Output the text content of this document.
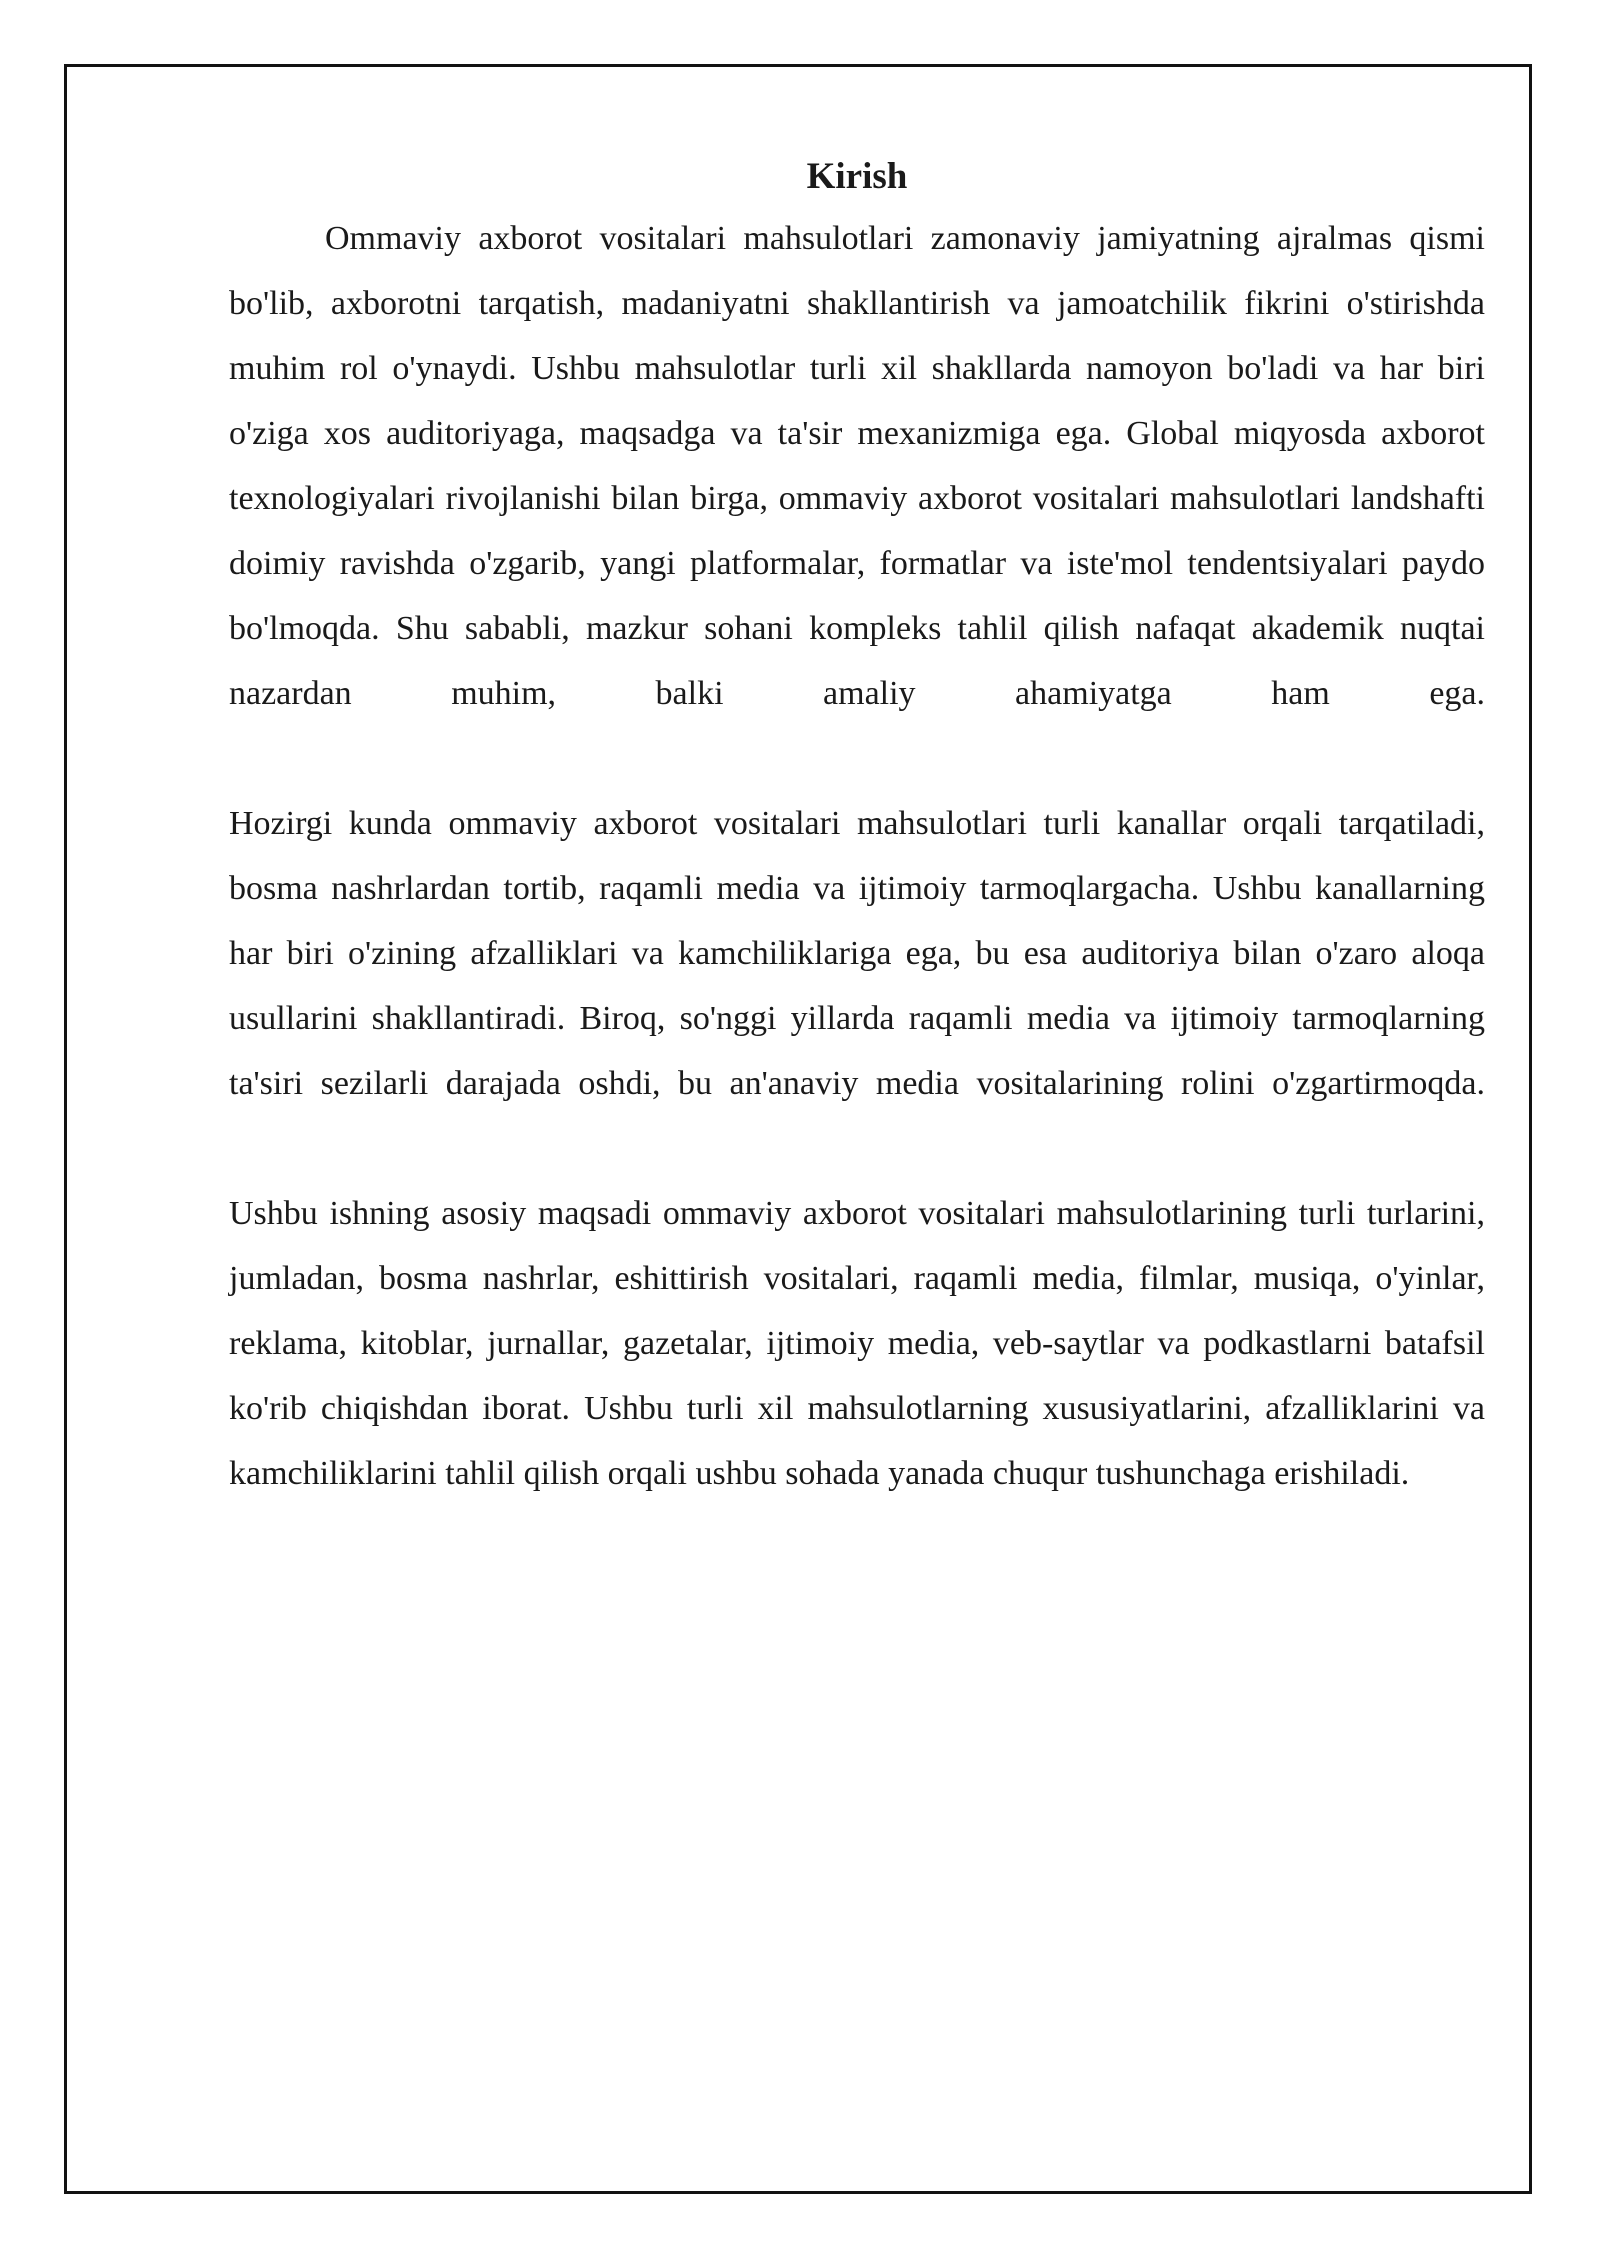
Kirish

Ommaviy axborot vositalari mahsulotlari zamonaviy jamiyatning ajralmas qismi bo'lib, axborotni tarqatish, madaniyatni shakllantirish va jamoatchilik fikrini o'stirishda muhim rol o'ynaydi. Ushbu mahsulotlar turli xil shakllarda namoyon bo'ladi va har biri o'ziga xos auditoriyaga, maqsadga va ta'sir mexanizmiga ega. Global miqyosda axborot texnologiyalari rivojlanishi bilan birga, ommaviy axborot vositalari mahsulotlari landshafti doimiy ravishda o'zgarib, yangi platformalar, formatlar va iste'mol tendentsiyalari paydo bo'lmoqda. Shu sababli, mazkur sohani kompleks tahlil qilish nafaqat akademik nuqtai nazardan muhim, balki amaliy ahamiyatga ham ega.

Hozirgi kunda ommaviy axborot vositalari mahsulotlari turli kanallar orqali tarqatiladi, bosma nashrlardan tortib, raqamli media va ijtimoiy tarmoqlargacha. Ushbu kanallarning har biri o'zining afzalliklari va kamchiliklariga ega, bu esa auditoriya bilan o'zaro aloqa usullarini shakllantiradi. Biroq, so'nggi yillarda raqamli media va ijtimoiy tarmoqlarning ta'siri sezilarli darajada oshdi, bu an'anaviy media vositalarining rolini o'zgartirmoqda.

Ushbu ishning asosiy maqsadi ommaviy axborot vositalari mahsulotlarining turli turlarini, jumladan, bosma nashrlar, eshittirish vositalari, raqamli media, filmlar, musiqa, o'yinlar, reklama, kitoblar, jurnallar, gazetalar, ijtimoiy media, veb-saytlar va podkastlarni batafsil ko'rib chiqishdan iborat. Ushbu turli xil mahsulotlarning xususiyatlarini, afzalliklarini va kamchiliklarini tahlil qilish orqali ushbu sohada yanada chuqur tushunchaga erishiladi.
